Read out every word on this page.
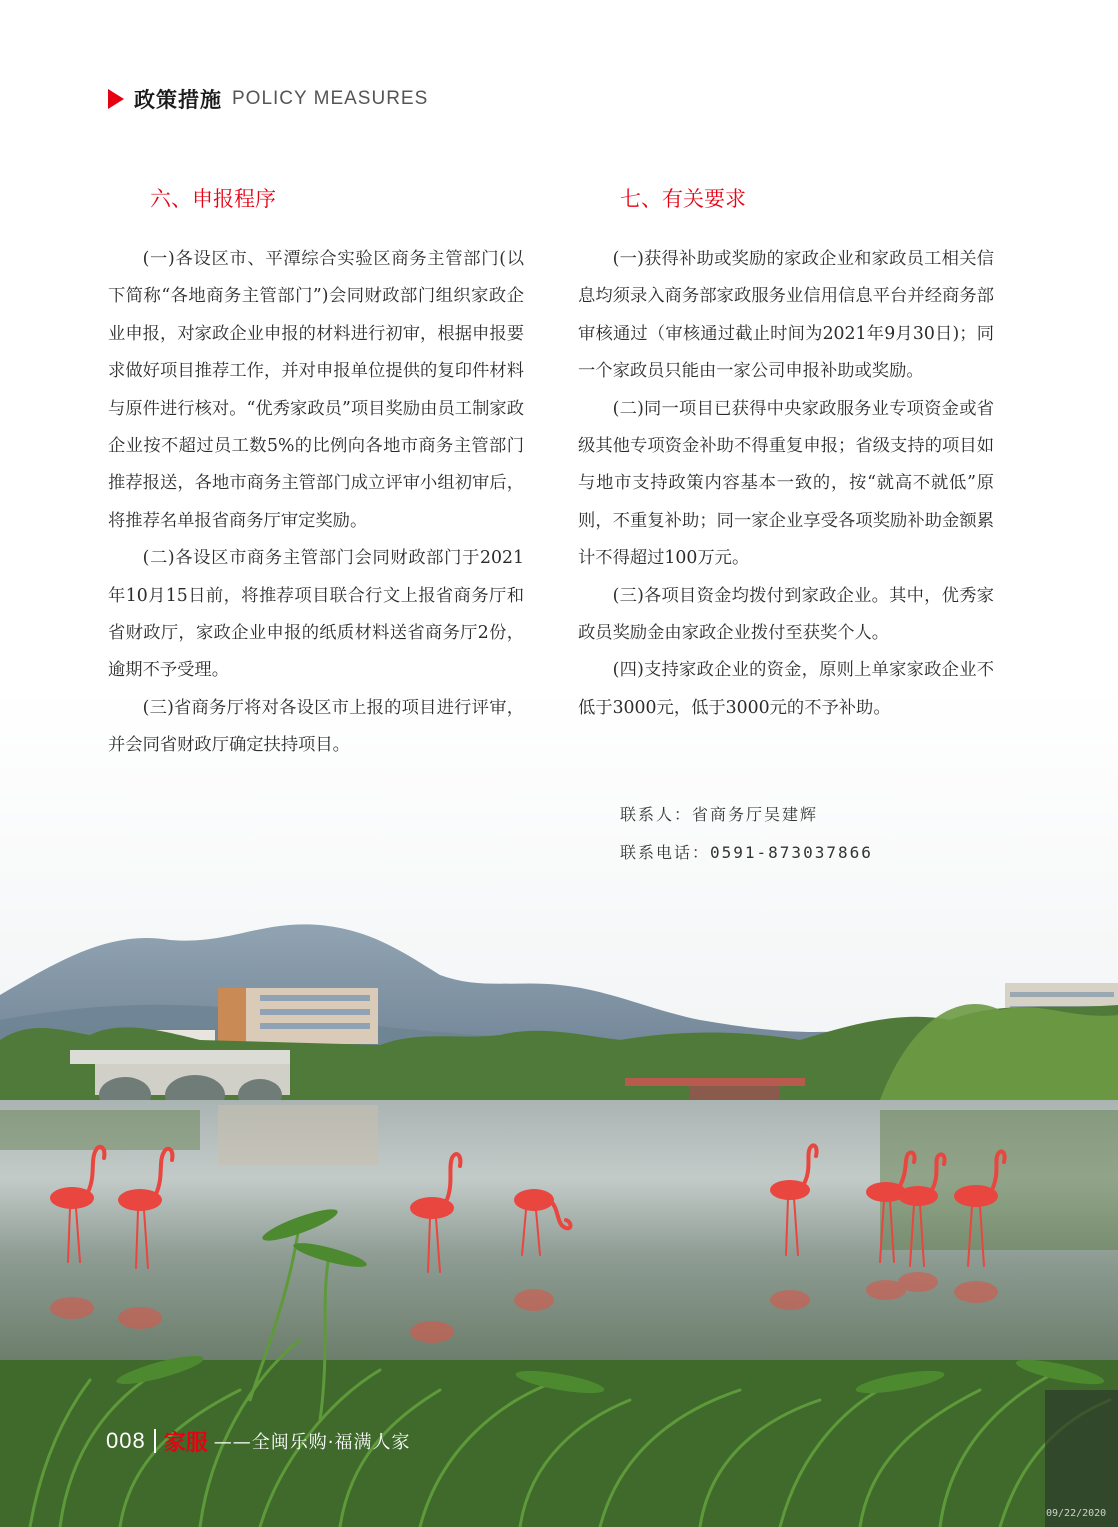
政策措施 POLICY MEASURES
六、申报程序

(一)各设区市、平潭综合实验区商务主管部门(以下简称“各地商务主管部门”)会同财政部门组织家政企业申报，对家政企业申报的材料进行初审，根据申报要求做好项目推荐工作，并对申报单位提供的复印件材料与原件进行核对。“优秀家政员”项目奖励由员工制家政企业按不超过员工数5%的比例向各地市商务主管部门推荐报送，各地市商务主管部门成立评审小组初审后，将推荐名单报省商务厅审定奖励。

(二)各设区市商务主管部门会同财政部门于2021年10月15日前，将推荐项目联合行文上报省商务厅和省财政厅，家政企业申报的纸质材料送省商务厅2份，逾期不予受理。

(三)省商务厅将对各设区市上报的项目进行评审，并会同省财政厅确定扶持项目。

七、有关要求

(一)获得补助或奖励的家政企业和家政员工相关信息均须录入商务部家政服务业信用信息平台并经商务部审核通过（审核通过截止时间为2021年9月30日)；同一个家政员只能由一家公司申报补助或奖励。

(二)同一项目已获得中央家政服务业专项资金或省级其他专项资金补助不得重复申报；省级支持的项目如与地市支持政策内容基本一致的，按“就高不就低”原则，不重复补助；同一家企业享受各项奖励补助金额累计不得超过100万元。

(三)各项目资金均拨付到家政企业。其中，优秀家政员奖励金由家政企业拨付至获奖个人。

(四)支持家政企业的资金，原则上单家家政企业不低于3000元，低于3000元的不予补助。

联系人：省商务厅吴建辉
联系电话：0591-873037866
008 家服 ——全闽乐购·福满人家
09/22/2020
